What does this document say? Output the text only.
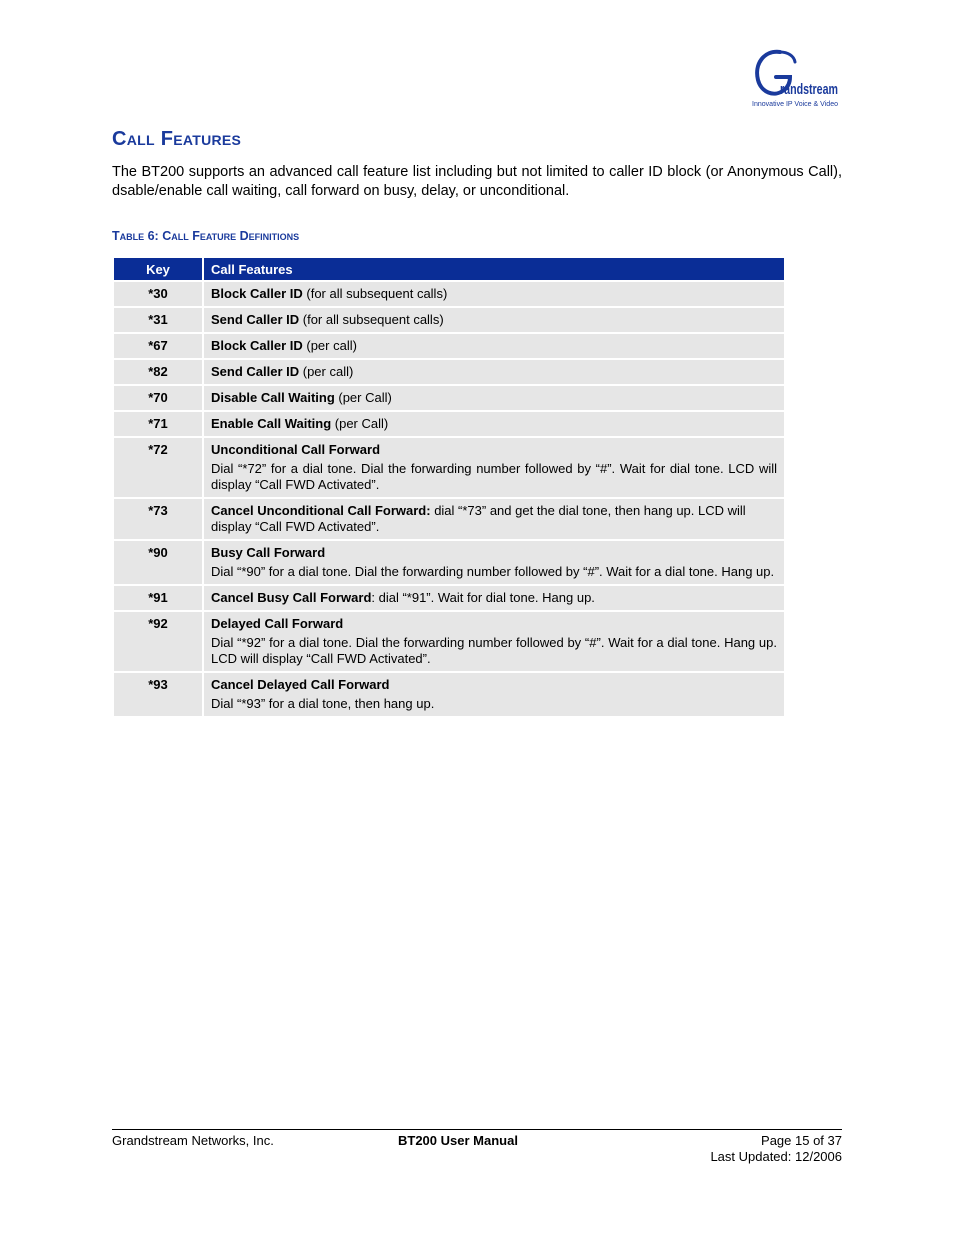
randstream
Innovative IP Voice & Video
Call Features

The BT200 supports an advanced call feature list including but not limited to caller ID block (or Anonymous Call), dsable/enable call waiting, call forward on busy, delay, or unconditional.

Table 6: Call Feature Definitions

Key	Call Features
*30	Block Caller ID (for all subsequent calls)
*31	Send Caller ID (for all subsequent calls)
*67	Block Caller ID (per call)
*82	Send Caller ID (per call)
*70	Disable Call Waiting (per Call)
*71	Enable Call Waiting (per Call)
*72	Unconditional Call Forward
Dial “*72” for a dial tone. Dial the forwarding number followed by “#”. Wait for dial tone. LCD will display “Call FWD Activated”.

*73	Cancel Unconditional Call Forward: dial “*73” and get the dial tone, then hang up. LCD will display “Call FWD Activated”.
*90	Busy Call Forward
Dial “*90” for a dial tone. Dial the forwarding number followed by “#”. Wait for a dial tone. Hang up.

*91	Cancel Busy Call Forward: dial “*91”. Wait for dial tone. Hang up.
*92	Delayed Call Forward
Dial “*92” for a dial tone. Dial the forwarding number followed by “#”. Wait for a dial tone. Hang up. LCD will display “Call FWD Activated”.

*93	Cancel Delayed Call Forward
Dial “*93” for a dial tone, then hang up.
Grandstream Networks, Inc.	BT200 User Manual	Page 15 of 37
Last Updated: 12/2006
